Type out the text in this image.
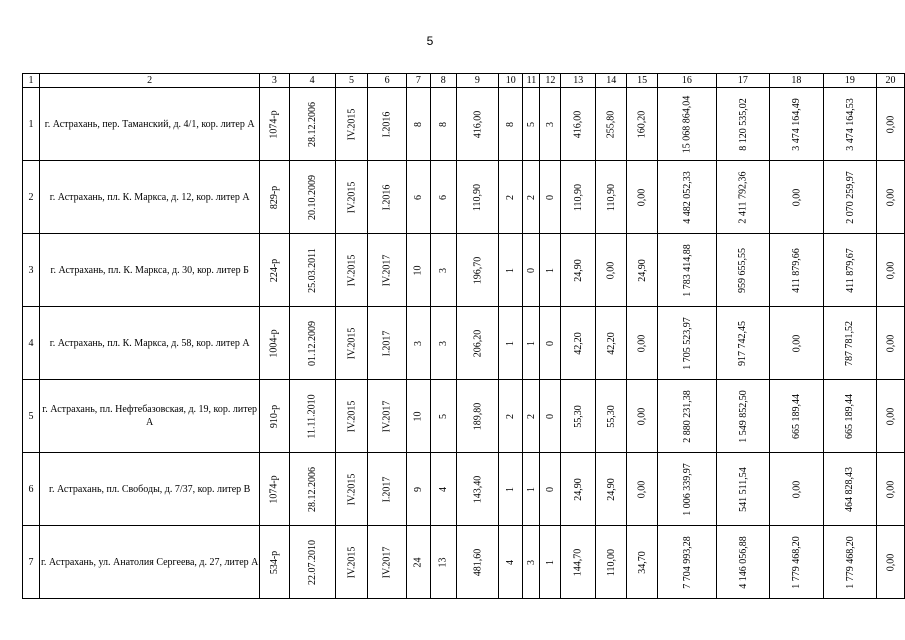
5
1	2	3	4	5	6	7	8	9	10	11	12	13	14	15	16	17	18	19	20
1	г. Астрахань, пер. Таманский, д. 4/1, кор. литер А	1074-р	28.12.2006	IV.2015	I.2016	8	8	416,00	8	5	3	416,00	255,80	160,20	15 068 864,04	8 120 535,02	3 474 164,49	3 474 164,53	0,00
2	г. Астрахань, пл. К. Маркса, д. 12, кор. литер А	829-р	20.10.2009	IV.2015	I.2016	6	6	110,90	2	2	0	110,90	110,90	0,00	4 482 052,33	2 411 792,36	0,00	2 070 259,97	0,00
3	г. Астрахань, пл. К. Маркса, д. 30, кор. литер Б	224-р	25.03.2011	IV.2015	IV.2017	10	3	196,70	1	0	1	24,90	0,00	24,90	1 783 414,88	959 655,55	411 879,66	411 879,67	0,00
4	г. Астрахань, пл. К. Маркса, д. 58, кор. литер А	1004-р	01.12.2009	IV.2015	I.2017	3	3	206,20	1	1	0	42,20	42,20	0,00	1 705 523,97	917 742,45	0,00	787 781,52	0,00
5	г. Астрахань, пл. Нефтебазовская, д. 19, кор. литер А	910-р	11.11.2010	IV.2015	IV.2017	10	5	189,80	2	2	0	55,30	55,30	0,00	2 880 231,38	1 549 852,50	665 189,44	665 189,44	0,00
6	г. Астрахань, пл. Свободы, д. 7/37, кор. литер В	1074-р	28.12.2006	IV.2015	I.2017	9	4	143,40	1	1	0	24,90	24,90	0,00	1 006 339,97	541 511,54	0,00	464 828,43	0,00
7	г. Астрахань, ул. Анатолия Сергеева, д. 27, литер А	534-р	22.07.2010	IV.2015	IV.2017	24	13	481,60	4	3	1	144,70	110,00	34,70	7 704 993,28	4 146 056,88	1 779 468,20	1 779 468,20	0,00
